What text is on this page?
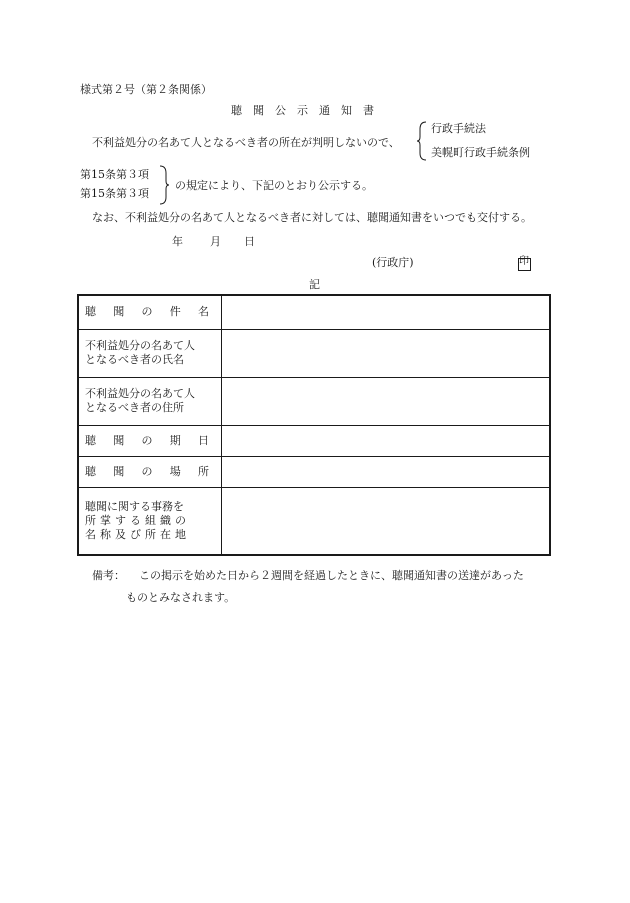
様式第２号（第２条関係）
聴　聞　公　示　通　知　書
不利益処分の名あて人となるべき者の所在が判明しないので、
行政手続法
美幌町行政手続条例
第15条第３項
第15条第３項
の規定により、下記のとおり公示する。
なお、不利益処分の名あて人となるべき者に対しては、聴聞通知書をいつでも交付する。
年 月 日
(行政庁)	印
記
聴 聞 の 件 名	

不利益処分の名あて人
となるべき者の氏名	

不利益処分の名あて人
となるべき者の住所	

聴 聞 の 期 日	

聴 聞 の 場 所	

聴聞に関する事務を
所掌する組織の
名称及び所在地	

備考： この掲示を始めた日から２週間を経過したときに、聴聞通知書の送達があった
ものとみなされます。
